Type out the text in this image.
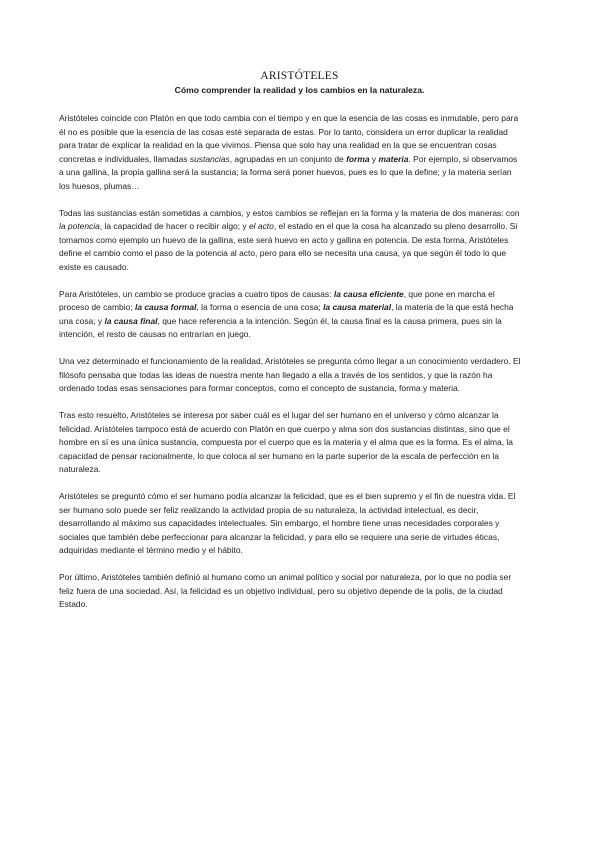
ARISTÓTELES
Cómo comprender la realidad y los cambios en la naturaleza.

Aristóteles coincide con Platón en que todo cambia con el tiempo y en que la esencia de las cosas es inmutable, pero para él no es posible que la esencia de las cosas esté separada de estas. Por lo tanto, considera un error duplicar la realidad para tratar de explicar la realidad en la que vivimos. Piensa que solo hay una realidad en la que se encuentran cosas concretas e individuales, llamadas sustancias, agrupadas en un conjunto de forma y materia. Por ejemplo, si observamos a una gallina, la propia gallina será la sustancia; la forma será poner huevos, pues es lo que la define; y la materia serían los huesos, plumas…

Todas las sustancias están sometidas a cambios, y estos cambios se reflejan en la forma y la materia de dos maneras: con la potencia, la capacidad de hacer o recibir algo; y el acto, el estado en el que la cosa ha alcanzado su pleno desarrollo. Si tomamos como ejemplo un huevo de la gallina, este será huevo en acto y gallina en potencia. De esta forma, Aristóteles define el cambio como el paso de la potencia al acto, pero para ello se necesita una causa, ya que según él todo lo que existe es causado.

Para Aristóteles, un cambio se produce gracias a cuatro tipos de causas: la causa eficiente, que pone en marcha el proceso de cambio; la causa formal, la forma o esencia de una cosa; la causa material, la materia de la que está hecha una cosa; y la causa final, que hace referencia a la intención. Según él, la causa final es la causa primera, pues sin la intención, el resto de causas no entrarían en juego.

Una vez determinado el funcionamiento de la realidad, Aristóteles se pregunta cómo llegar a un conocimiento verdadero. El filósofo pensaba que todas las ideas de nuestra mente han llegado a ella a través de los sentidos, y que la razón ha ordenado todas esas sensaciones para formar conceptos, como el concepto de sustancia, forma y materia.

Tras esto resuelto, Aristóteles se interesa por saber cuál es el lugar del ser humano en el universo y cómo alcanzar la felicidad. Aristóteles tampoco está de acuerdo con Platón en que cuerpo y alma son dos sustancias distintas, sino que el hombre en sí es una única sustancia, compuesta por el cuerpo que es la materia y el alma que es la forma. Es el alma, la capacidad de pensar racionalmente, lo que coloca al ser humano en la parte superior de la escala de perfección en la naturaleza.

Aristóteles se preguntó cómo el ser humano podía alcanzar la felicidad, que es el bien supremo y el fin de nuestra vida. El ser humano solo puede ser feliz realizando la actividad propia de su naturaleza, la actividad intelectual, es decir, desarrollando al máximo sus capacidades intelectuales. Sin embargo, el hombre tiene unas necesidades corporales y sociales que también debe perfeccionar para alcanzar la felicidad, y para ello se requiere una serie de virtudes éticas, adquiridas mediante el término medio y el hábito.

Por último, Aristóteles también definió al humano como un animal político y social por naturaleza, por lo que no podía ser feliz fuera de una sociedad. Así, la felicidad es un objetivo individual, pero su objetivo depende de la polis, de la ciudad Estado.
